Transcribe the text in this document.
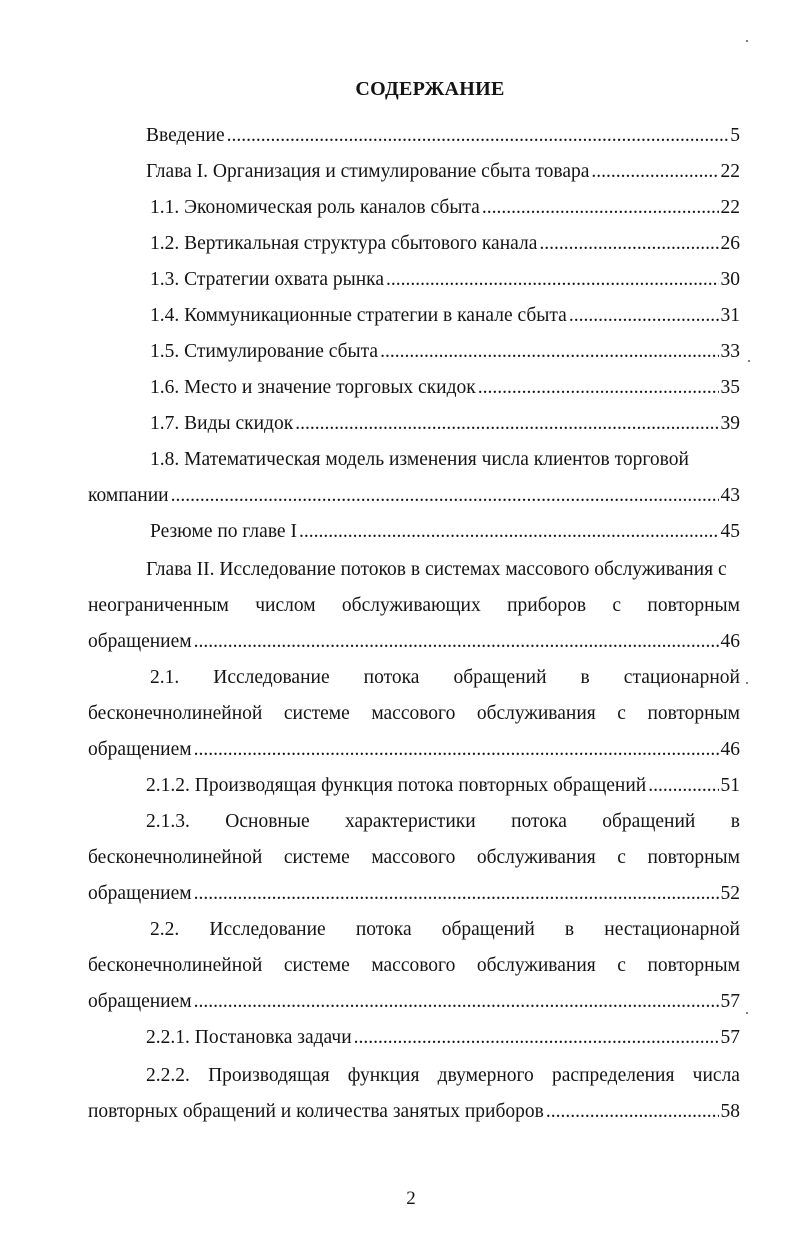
СОДЕРЖАНИЕ
Введение .....	5
Глава I. Организация и стимулирование сбыта товара .....	22
1.1. Экономическая роль каналов сбыта .....	22
1.2. Вертикальная структура сбытового канала .....	26
1.3. Стратегии охвата рынка .....	30
1.4. Коммуникационные стратегии в канале сбыта .....	31
1.5. Стимулирование сбыта .....	33
1.6. Место и значение торговых скидок .....	35
1.7. Виды скидок .....	39
1.8. Математическая модель изменения числа клиентов торговой
компании .....	43
Резюме по главе I .....	45
Глава II. Исследование потоков в системах массового обслуживания с
неограниченным числом обслуживающих приборов с повторным
обращением .....	46
2.1. Исследование потока обращений в стационарной
бесконечнолинейной системе массового обслуживания с повторным
обращением .....	46
2.1.2. Производящая функция потока повторных обращений .....	51
2.1.3. Основные характеристики потока обращений в
бесконечнолинейной системе массового обслуживания с повторным
обращением .....	52
2.2. Исследование потока обращений в нестационарной
бесконечнолинейной системе массового обслуживания с повторным
обращением .....	57
2.2.1. Постановка задачи .....	57
2.2.2. Производящая функция двумерного распределения числа
повторных обращений и количества занятых приборов .....	58
2
